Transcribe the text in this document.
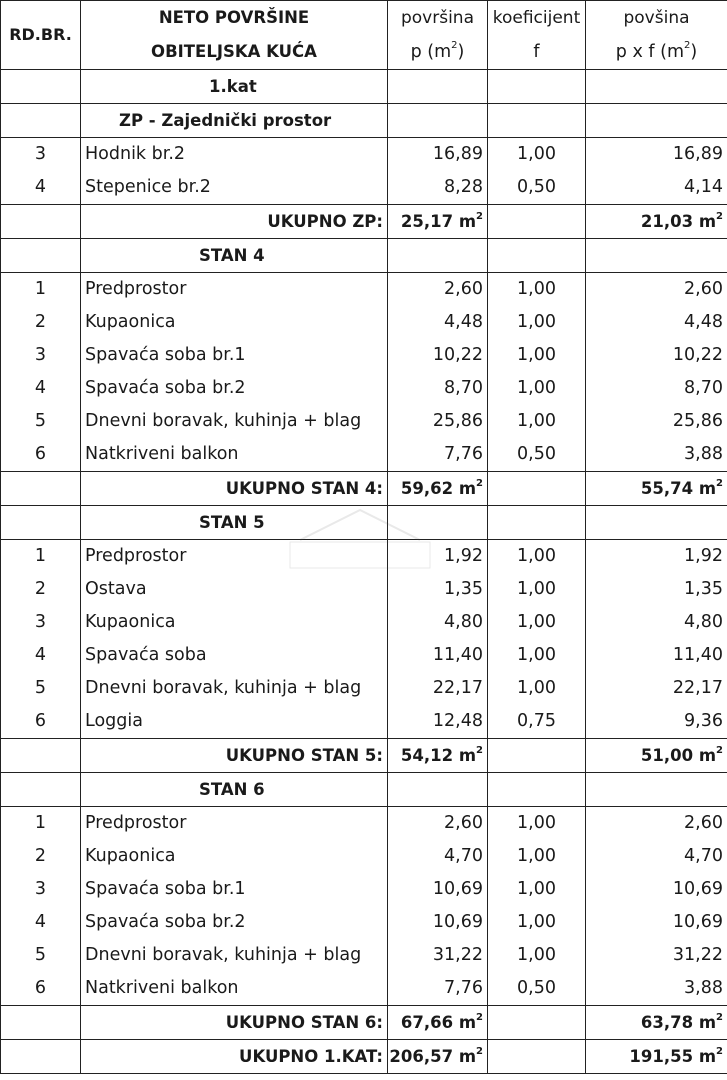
RD.BR.	NETO POVRŠINE	površina	koeficijent	povšina
	OBITELJSKA KUĆA	p $(m^2)$	f	p x f $(m^2)$
	1.kat			
	ZP - Zajednički prostor			
3	Hodnik br.2	16,89	1,00	16,89
4	Stepenice br.2	8,28	0,50	4,14
	UKUPNO ZP:	25,17 $m^2$		21,03 $m^2$
	STAN 4			
1	Predprostor	2,60	1,00	2,60
2	Kupaonica	4,48	1,00	4,48
3	Spavaća soba br.1	10,22	1,00	10,22
4	Spavaća soba br.2	8,70	1,00	8,70
5	Dnevni boravak, kuhinja + blag	25,86	1,00	25,86
6	Natkriveni balkon	7,76	0,50	3,88
	UKUPNO STAN 4:	59,62 $m^2$		55,74 $m^2$
	STAN 5			
1	Predprostor	1,92	1,00	1,92
2	Ostava	1,35	1,00	1,35
3	Kupaonica	4,80	1,00	4,80
4	Spavaća soba	11,40	1,00	11,40
5	Dnevni boravak, kuhinja + blag	22,17	1,00	22,17
6	Loggia	12,48	0,75	9,36
	UKUPNO STAN 5:	54,12 $m^2$		51,00 $m^2$
	STAN 6			
1	Predprostor	2,60	1,00	2,60
2	Kupaonica	4,70	1,00	4,70
3	Spavaća soba br.1	10,69	1,00	10,69
4	Spavaća soba br.2	10,69	1,00	10,69
5	Dnevni boravak, kuhinja + blag	31,22	1,00	31,22
6	Natkriveni balkon	7,76	0,50	3,88
	UKUPNO STAN 6:	67,66 $m^2$		63,78 $m^2$
	UKUPNO 1.KAT:	206,57 $m^2$		191,55 $m^2$
